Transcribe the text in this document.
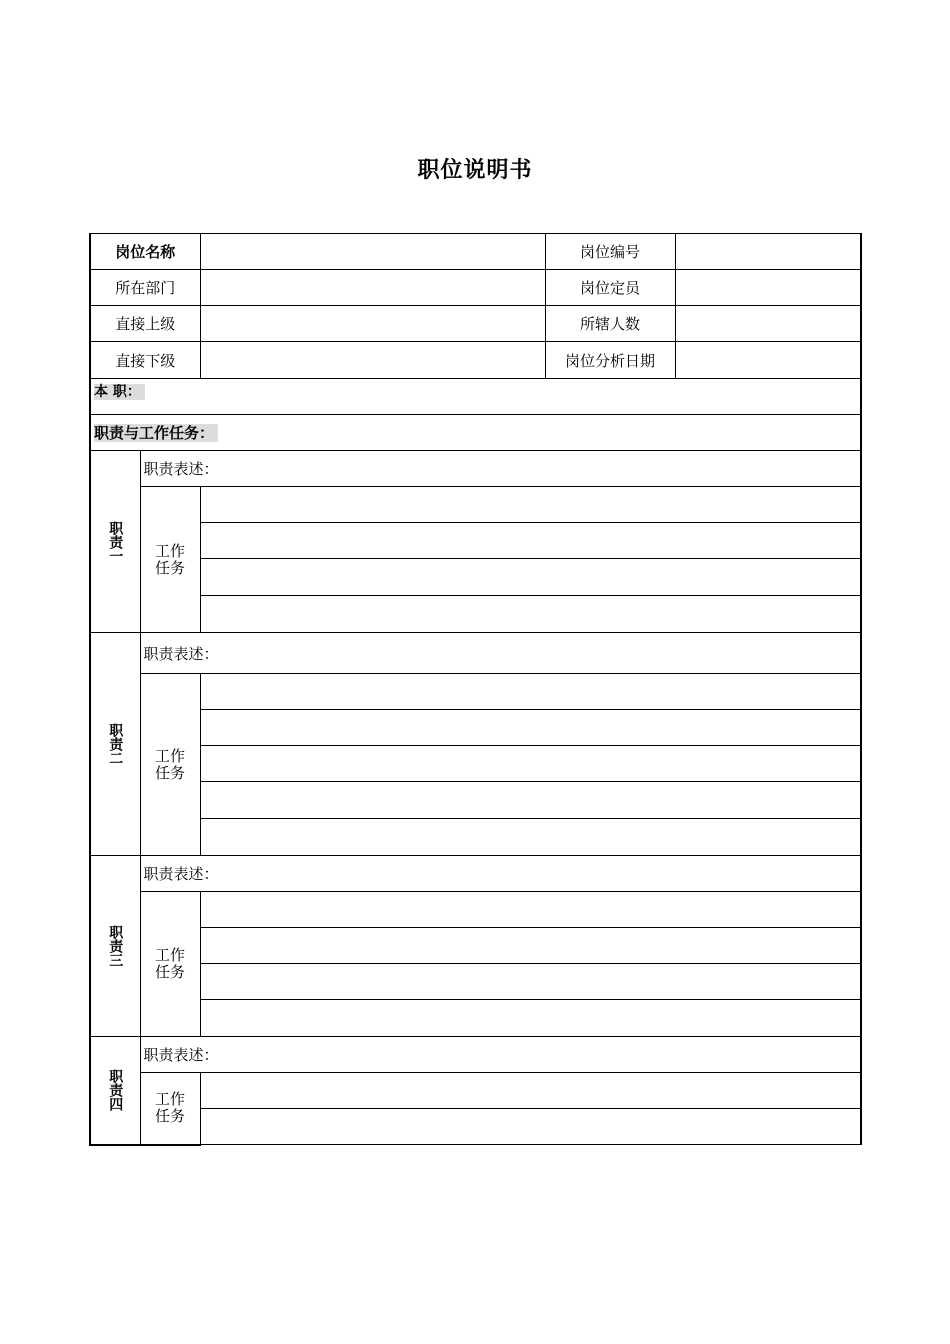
职位说明书
岗位名称			岗位编号	
所在部门			岗位定员	
直接上级			所辖人数	
直接下级			岗位分析日期	
本 职：				
职责与工作任务：				

职责一	职责表述：			

	工作
任务			

职责二	职责表述：			

	工作
任务			

职责三	职责表述：			

	工作
任务			

职责四	职责表述：			

	工作
任务			
